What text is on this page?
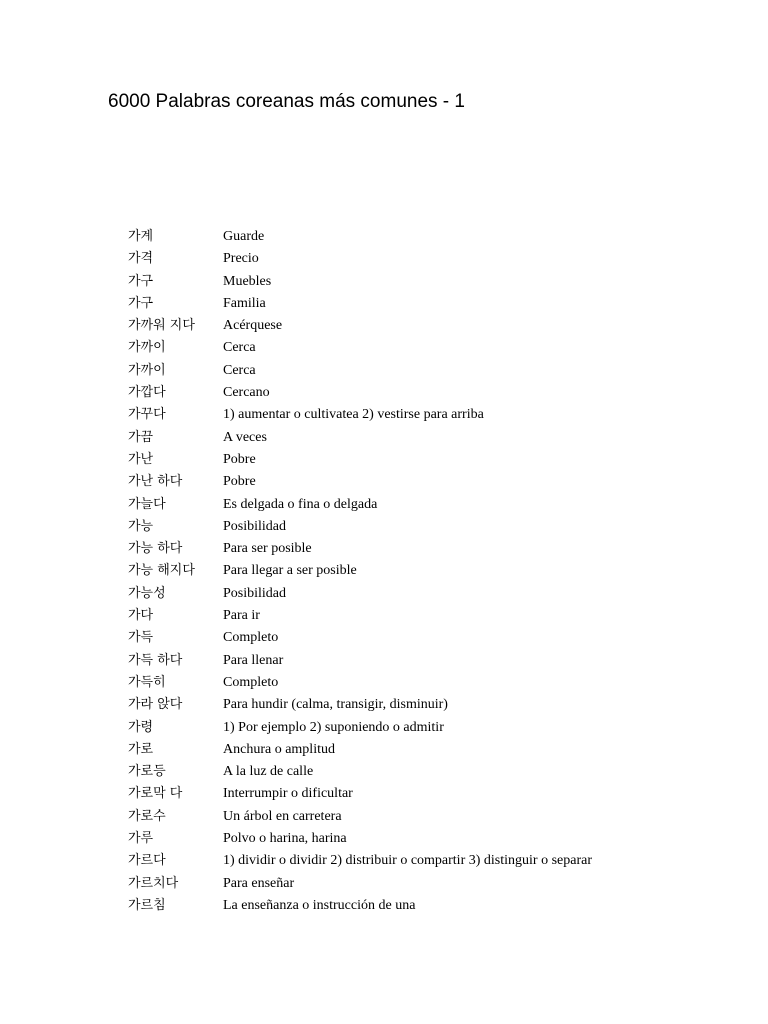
6000 Palabras coreanas más comunes - 1
가계	Guarde
가격	Precio
가구	Muebles
가구	Familia
가까워 지다	Acérquese
가까이	Cerca
가까이	Cerca
가깝다	Cercano
가꾸다	1) aumentar o cultivatea 2) vestirse para arriba
가끔	A veces
가난	Pobre
가난 하다	Pobre
가늘다	Es delgada o fina o delgada
가능	Posibilidad
가능 하다	Para ser posible
가능 해지다	Para llegar a ser posible
가능성	Posibilidad
가다	Para ir
가득	Completo
가득 하다	Para llenar
가득히	Completo
가라 앉다	Para hundir (calma, transigir, disminuir)
가령	1) Por ejemplo 2) suponiendo o admitir
가로	Anchura o amplitud
가로등	A la luz de calle
가로막 다	Interrumpir o dificultar
가로수	Un árbol en carretera
가루	Polvo o harina, harina
가르다	1) dividir o dividir 2) distribuir o compartir 3) distinguir o separar
가르치다	Para enseñar
가르침	La enseñanza o instrucción de una
